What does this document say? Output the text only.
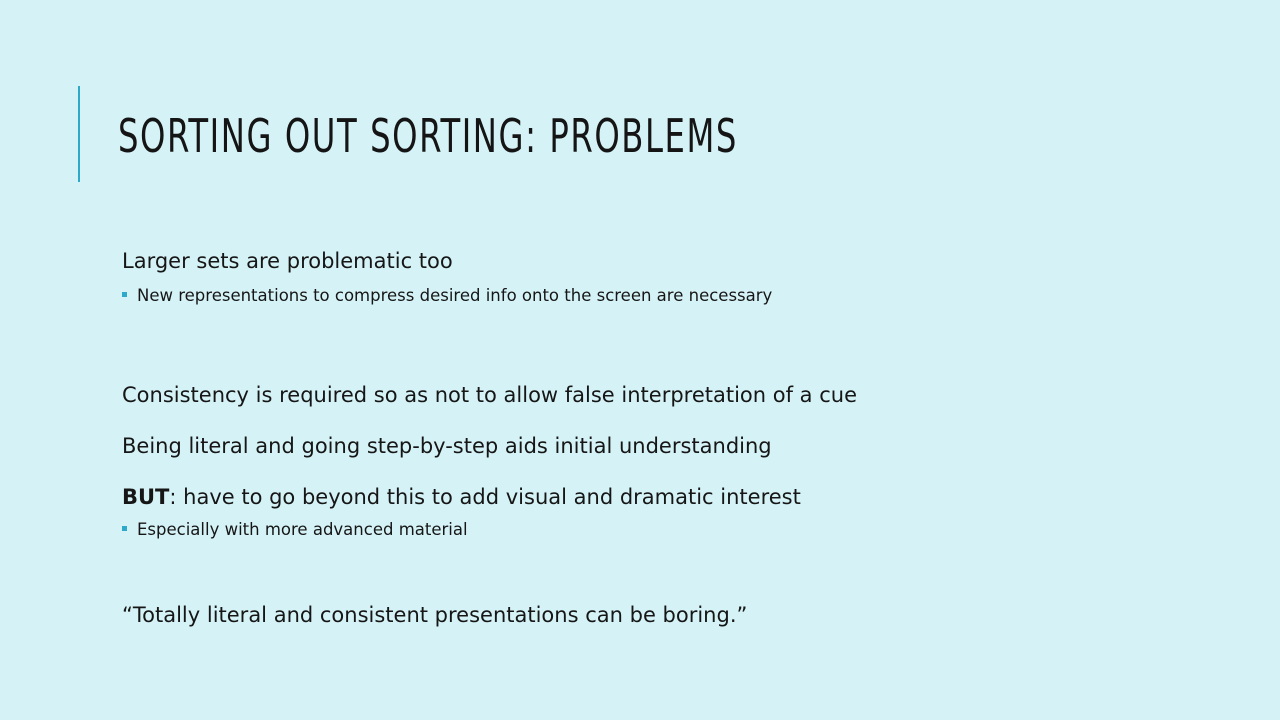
SORTING OUT SORTING: PROBLEMS
Larger sets are problematic too
New representations to compress desired info onto the screen are necessary
Consistency is required so as not to allow false interpretation of a cue
Being literal and going step-by-step aids initial understanding
BUT: have to go beyond this to add visual and dramatic interest
Especially with more advanced material
“Totally literal and consistent presentations can be boring.”
